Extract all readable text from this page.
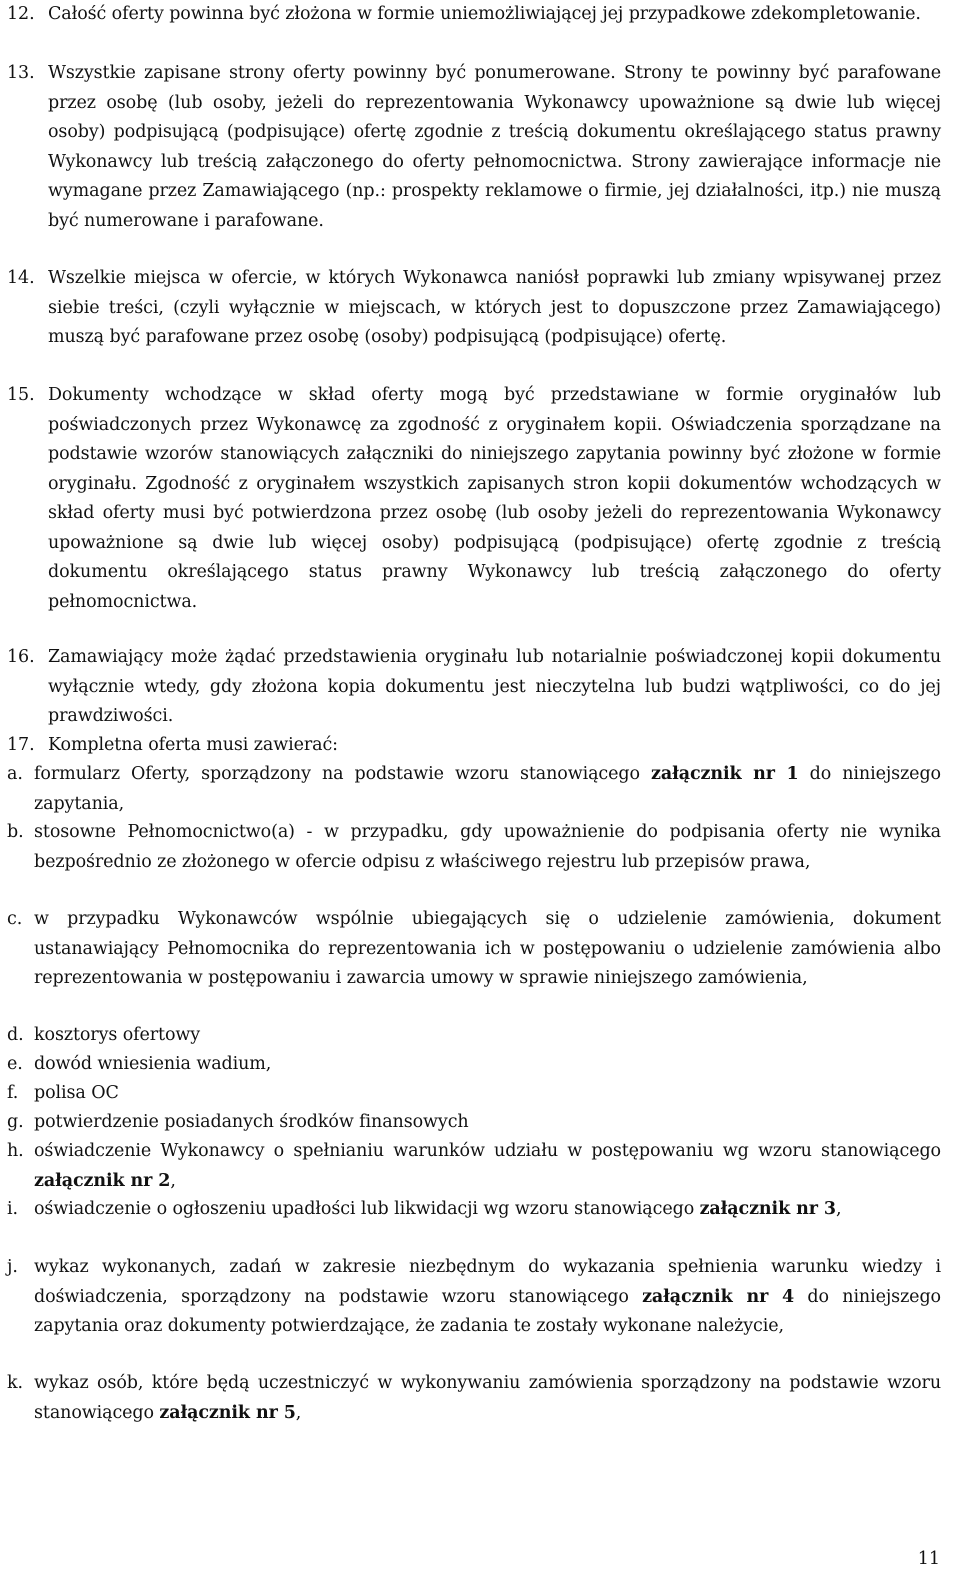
12. Całość oferty powinna być złożona w formie uniemożliwiającej jej przypadkowe zdekompletowanie.
13. Wszystkie zapisane strony oferty powinny być ponumerowane. Strony te powinny być parafowane przez osobę (lub osoby, jeżeli do reprezentowania Wykonawcy upoważnione są dwie lub więcej osoby) podpisującą (podpisujące) ofertę zgodnie z treścią dokumentu określającego status prawny Wykonawcy lub treścią załączonego do oferty pełnomocnictwa. Strony zawierające informacje nie wymagane przez Zamawiającego (np.: prospekty reklamowe o firmie, jej działalności, itp.) nie muszą być numerowane i parafowane.
14. Wszelkie miejsca w ofercie, w których Wykonawca naniósł poprawki lub zmiany wpisywanej przez siebie treści, (czyli wyłącznie w miejscach, w których jest to dopuszczone przez Zamawiającego) muszą być parafowane przez osobę (osoby) podpisującą (podpisujące) ofertę.
15. Dokumenty wchodzące w skład oferty mogą być przedstawiane w formie oryginałów lub poświadczonych przez Wykonawcę za zgodność z oryginałem kopii. Oświadczenia sporządzane na podstawie wzorów stanowiących załączniki do niniejszego zapytania powinny być złożone w formie oryginału. Zgodność z oryginałem wszystkich zapisanych stron kopii dokumentów wchodzących w skład oferty musi być potwierdzona przez osobę (lub osoby jeżeli do reprezentowania Wykonawcy upoważnione są dwie lub więcej osoby) podpisującą (podpisujące) ofertę zgodnie z treścią dokumentu określającego status prawny Wykonawcy lub treścią załączonego do oferty pełnomocnictwa.
16. Zamawiający może żądać przedstawienia oryginału lub notarialnie poświadczonej kopii dokumentu wyłącznie wtedy, gdy złożona kopia dokumentu jest nieczytelna lub budzi wątpliwości, co do jej prawdziwości.
17. Kompletna oferta musi zawierać:
a. formularz Oferty, sporządzony na podstawie wzoru stanowiącego załącznik nr 1 do niniejszego zapytania,
b. stosowne Pełnomocnictwo(a) - w przypadku, gdy upoważnienie do podpisania oferty nie wynika bezpośrednio ze złożonego w ofercie odpisu z właściwego rejestru lub przepisów prawa,
c. w przypadku Wykonawców wspólnie ubiegających się o udzielenie zamówienia, dokument ustanawiający Pełnomocnika do reprezentowania ich w postępowaniu o udzielenie zamówienia albo reprezentowania w postępowaniu i zawarcia umowy w sprawie niniejszego zamówienia,
d. kosztorys ofertowy
e. dowód wniesienia wadium,
f. polisa OC
g. potwierdzenie posiadanych środków finansowych
h. oświadczenie Wykonawcy o spełnianiu warunków udziału w postępowaniu wg wzoru stanowiącego załącznik nr 2,
i. oświadczenie o ogłoszeniu upadłości lub likwidacji wg wzoru stanowiącego załącznik nr 3,
j. wykaz wykonanych, zadań w zakresie niezbędnym do wykazania spełnienia warunku wiedzy i doświadczenia, sporządzony na podstawie wzoru stanowiącego załącznik nr 4 do niniejszego zapytania oraz dokumenty potwierdzające, że zadania te zostały wykonane należycie,
k. wykaz osób, które będą uczestniczyć w wykonywaniu zamówienia sporządzony na podstawie wzoru stanowiącego załącznik nr 5,
11
